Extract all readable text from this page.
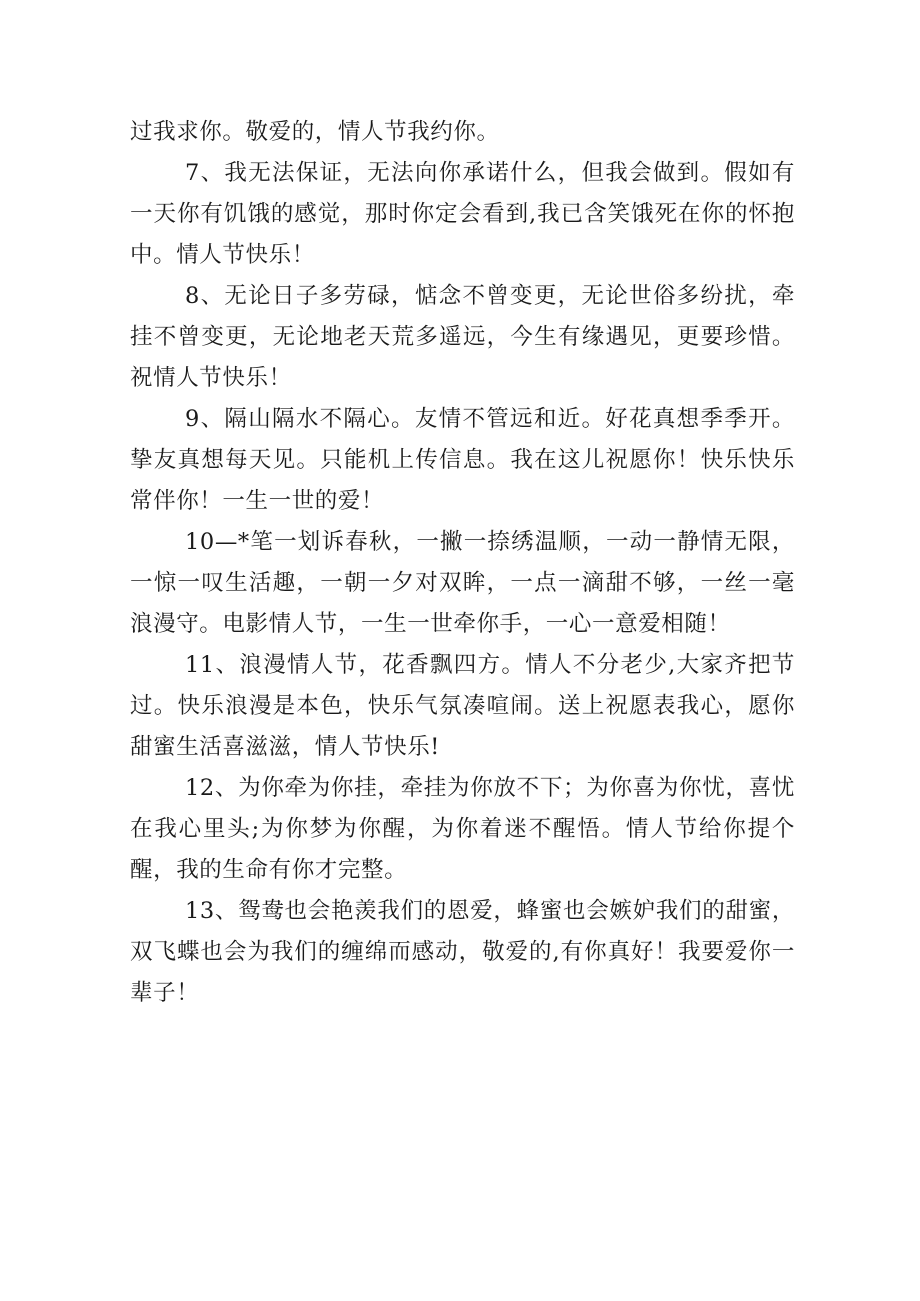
过我求你。敬爱的，情人节我约你。

7、我无法保证，无法向你承诺什么，但我会做到。假如有一天你有饥饿的感觉，那时你定会看到,我已含笑饿死在你的怀抱中。情人节快乐！

8、无论日子多劳碌，惦念不曾变更，无论世俗多纷扰，牵挂不曾变更，无论地老天荒多遥远，今生有缘遇见，更要珍惜。祝情人节快乐！

9、隔山隔水不隔心。友情不管远和近。好花真想季季开。挚友真想每天见。只能机上传信息。我在这儿祝愿你！快乐快乐常伴你！一生一世的爱！

10—*笔一划诉春秋，一撇一捺绣温顺，一动一静情无限，一惊一叹生活趣，一朝一夕对双眸，一点一滴甜不够，一丝一毫浪漫守。电影情人节，一生一世牵你手，一心一意爱相随！

11、浪漫情人节，花香飘四方。情人不分老少,大家齐把节过。快乐浪漫是本色，快乐气氛凑喧闹。送上祝愿表我心，愿你甜蜜生活喜滋滋，情人节快乐!

12、为你牵为你挂，牵挂为你放不下；为你喜为你忧，喜忧在我心里头;为你梦为你醒，为你着迷不醒悟。情人节给你提个醒，我的生命有你才完整。

13、鸳鸯也会艳羡我们的恩爱，蜂蜜也会嫉妒我们的甜蜜，双飞蝶也会为我们的缠绵而感动，敬爱的,有你真好！我要爱你一辈子！
